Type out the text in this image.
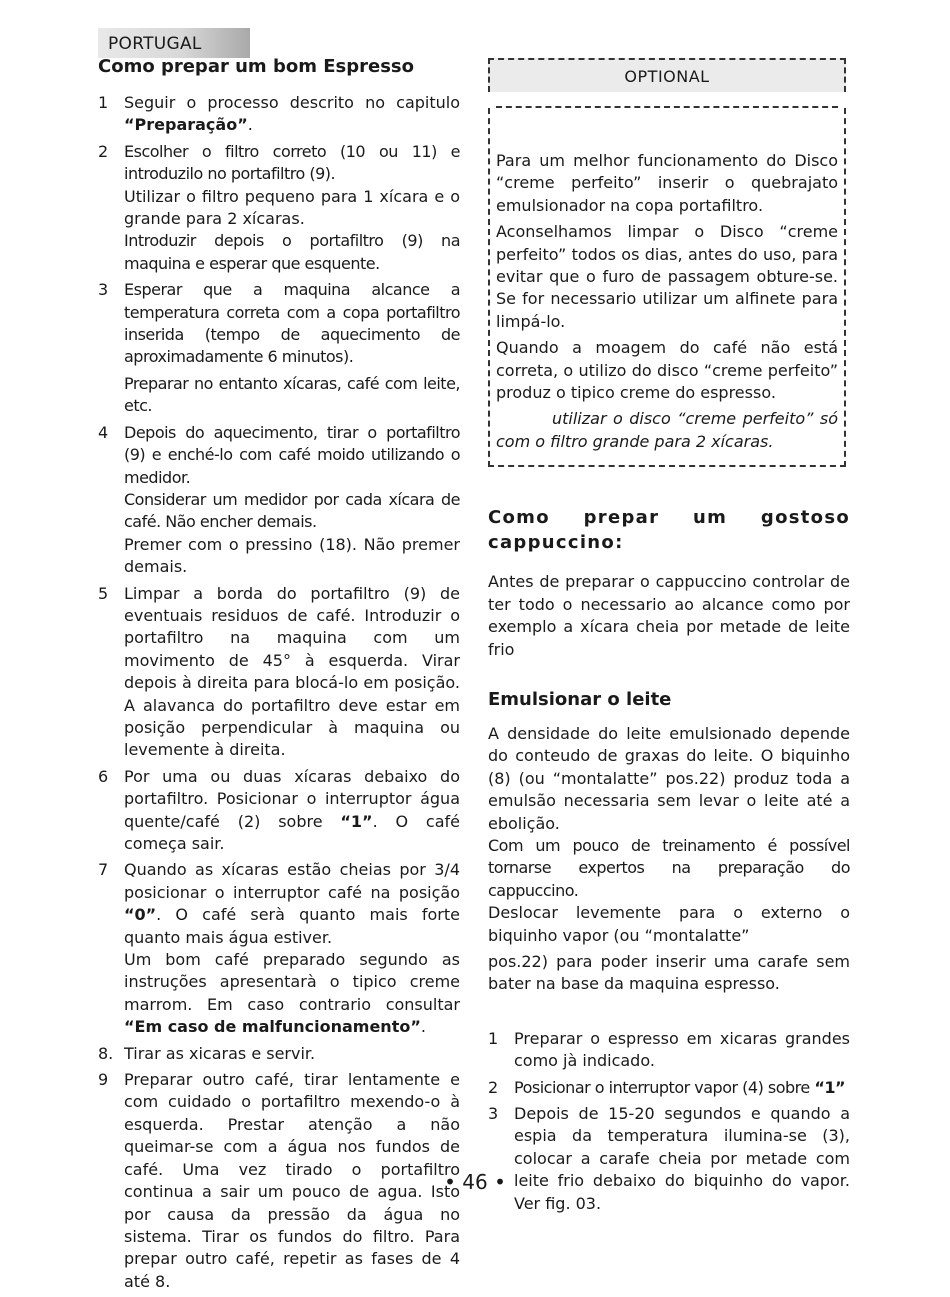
PORTUGAL
Como prepar um bom Espresso
1 Seguir o processo descrito no capitulo “Preparação”.

2 Escolher o filtro correto (10 ou 11) e introduzilo no portafiltro (9).

Utilizar o filtro pequeno para 1 xícara e o grande para 2 xícaras.

Introduzir depois o portafiltro (9) na maquina e esperar que esquente.

3 Esperar que a maquina alcance a temperatura correta com a copa portafiltro inserida (tempo de aquecimento de aproximadamente 6 minutos).

Preparar no entanto xícaras, café com leite, etc.

4 Depois do aquecimento, tirar o portafiltro (9) e enché-lo com café moido utilizando o medidor.

Considerar um medidor por cada xícara de café. Não encher demais.

Premer com o pressino (18). Não premer demais.

5 Limpar a borda do portafiltro (9) de eventuais residuos de café. Introduzir o portafiltro na maquina com um movimento de 45° à esquerda. Virar depois à direita para blocá-lo em posição. A alavanca do portafiltro deve estar em posição perpendicular à maquina ou levemente à direita.

6 Por uma ou duas xícaras debaixo do portafiltro. Posicionar o interruptor água quente/café (2) sobre “1”. O café começa sair.

7 Quando as xícaras estão cheias por 3/4 posicionar o interruptor café na posição “0”. O café serà quanto mais forte quanto mais água estiver.

Um bom café preparado segundo as instruções apresentarà o tipico creme marrom. Em caso contrario consultar “Em caso de malfuncionamento”.

8. Tirar as xicaras e servir.

9 Preparar outro café, tirar lentamente e com cuidado o portafiltro mexendo-o à esquerda. Prestar atenção a não queimar-se com a água nos fundos de café. Uma vez tirado o portafiltro continua a sair um pouco de agua. Isto por causa da pressão da água no sistema. Tirar os fundos do filtro. Para prepar outro café, repetir as fases de 4 até 8.

OPTIONAL

Para um melhor funcionamento do Disco “creme perfeito” inserir o quebrajato emulsionador na copa portafiltro.

Aconselhamos limpar o Disco “creme perfeito” todos os dias, antes do uso, para evitar que o furo de passagem obture-se. Se for necessario utilizar um alfinete para limpá-lo.

Quando a moagem do café não está correta, o utilizo do disco “creme perfeito” produz o tipico creme do espresso.

utilizar o disco “creme perfeito” só com o filtro grande para 2 xícaras.

Como prepar um gostoso
cappuccino:

Antes de preparar o cappuccino controlar de ter todo o necessario ao alcance como por exemplo a xícara cheia por metade de leite frio

Emulsionar o leite

A densidade do leite emulsionado depende do conteudo de graxas do leite. O biquinho (8) (ou “montalatte” pos.22) produz toda a emulsão necessaria sem levar o leite até a ebolição.

Com um pouco de treinamento é possível tornarse expertos na preparação do cappuccino.

Deslocar levemente para o externo o biquinho vapor (ou “montalatte”

pos.22) para poder inserir uma carafe sem bater na base da maquina espresso.

1 Preparar o espresso em xicaras grandes como jà indicado.

2 Posicionar o interruptor vapor (4) sobre “1”

3 Depois de 15-20 segundos e quando a espia da temperatura ilumina-se (3), colocar a carafe cheia por metade com leite frio debaixo do biquinho do vapor. Ver fig. 03.

• 46 •
